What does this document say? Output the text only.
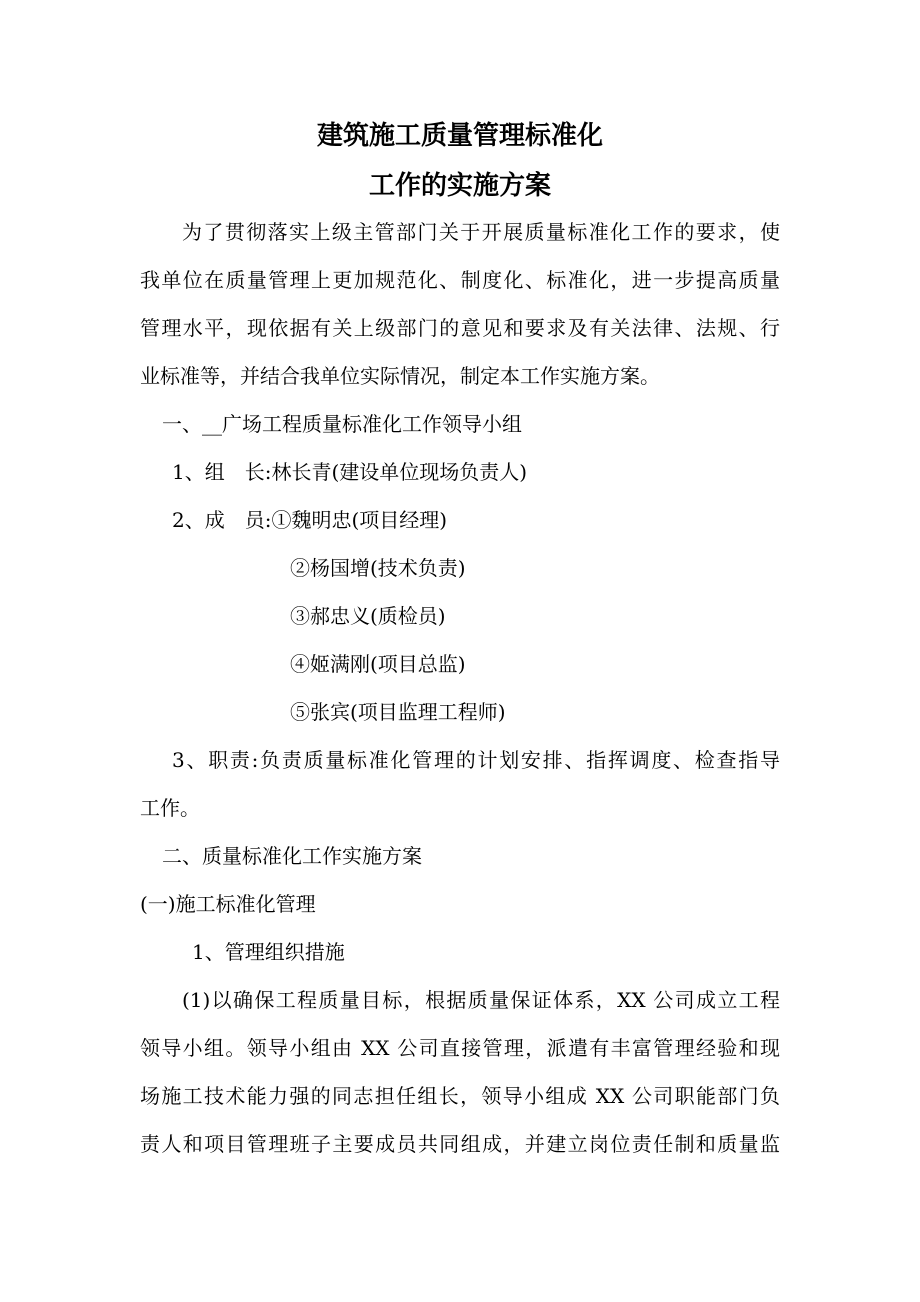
建筑施工质量管理标准化
工作的实施方案

为了贯彻落实上级主管部门关于开展质量标准化工作的要求，使

我单位在质量管理上更加规范化、制度化、标准化，进一步提高质量

管理水平，现依据有关上级部门的意见和要求及有关法律、法规、行

业标准等，并结合我单位实际情况，制定本工作实施方案。

一、__广场工程质量标准化工作领导小组

1、组　长:林长青(建设单位现场负责人)

2、成　员:①魏明忠(项目经理)

②杨国增(技术负责)

③郝忠义(质检员)

④姬满刚(项目总监)

⑤张宾(项目监理工程师)

3、职责:负责质量标准化管理的计划安排、指挥调度、检查指导

工作。

二、质量标准化工作实施方案

(一)施工标准化管理

1、管理组织措施

(1)以确保工程质量目标，根据质量保证体系，XX 公司成立工程

领导小组。领导小组由 XX 公司直接管理，派遣有丰富管理经验和现

场施工技术能力强的同志担任组长，领导小组成 XX 公司职能部门负

责人和项目管理班子主要成员共同组成，并建立岗位责任制和质量监
